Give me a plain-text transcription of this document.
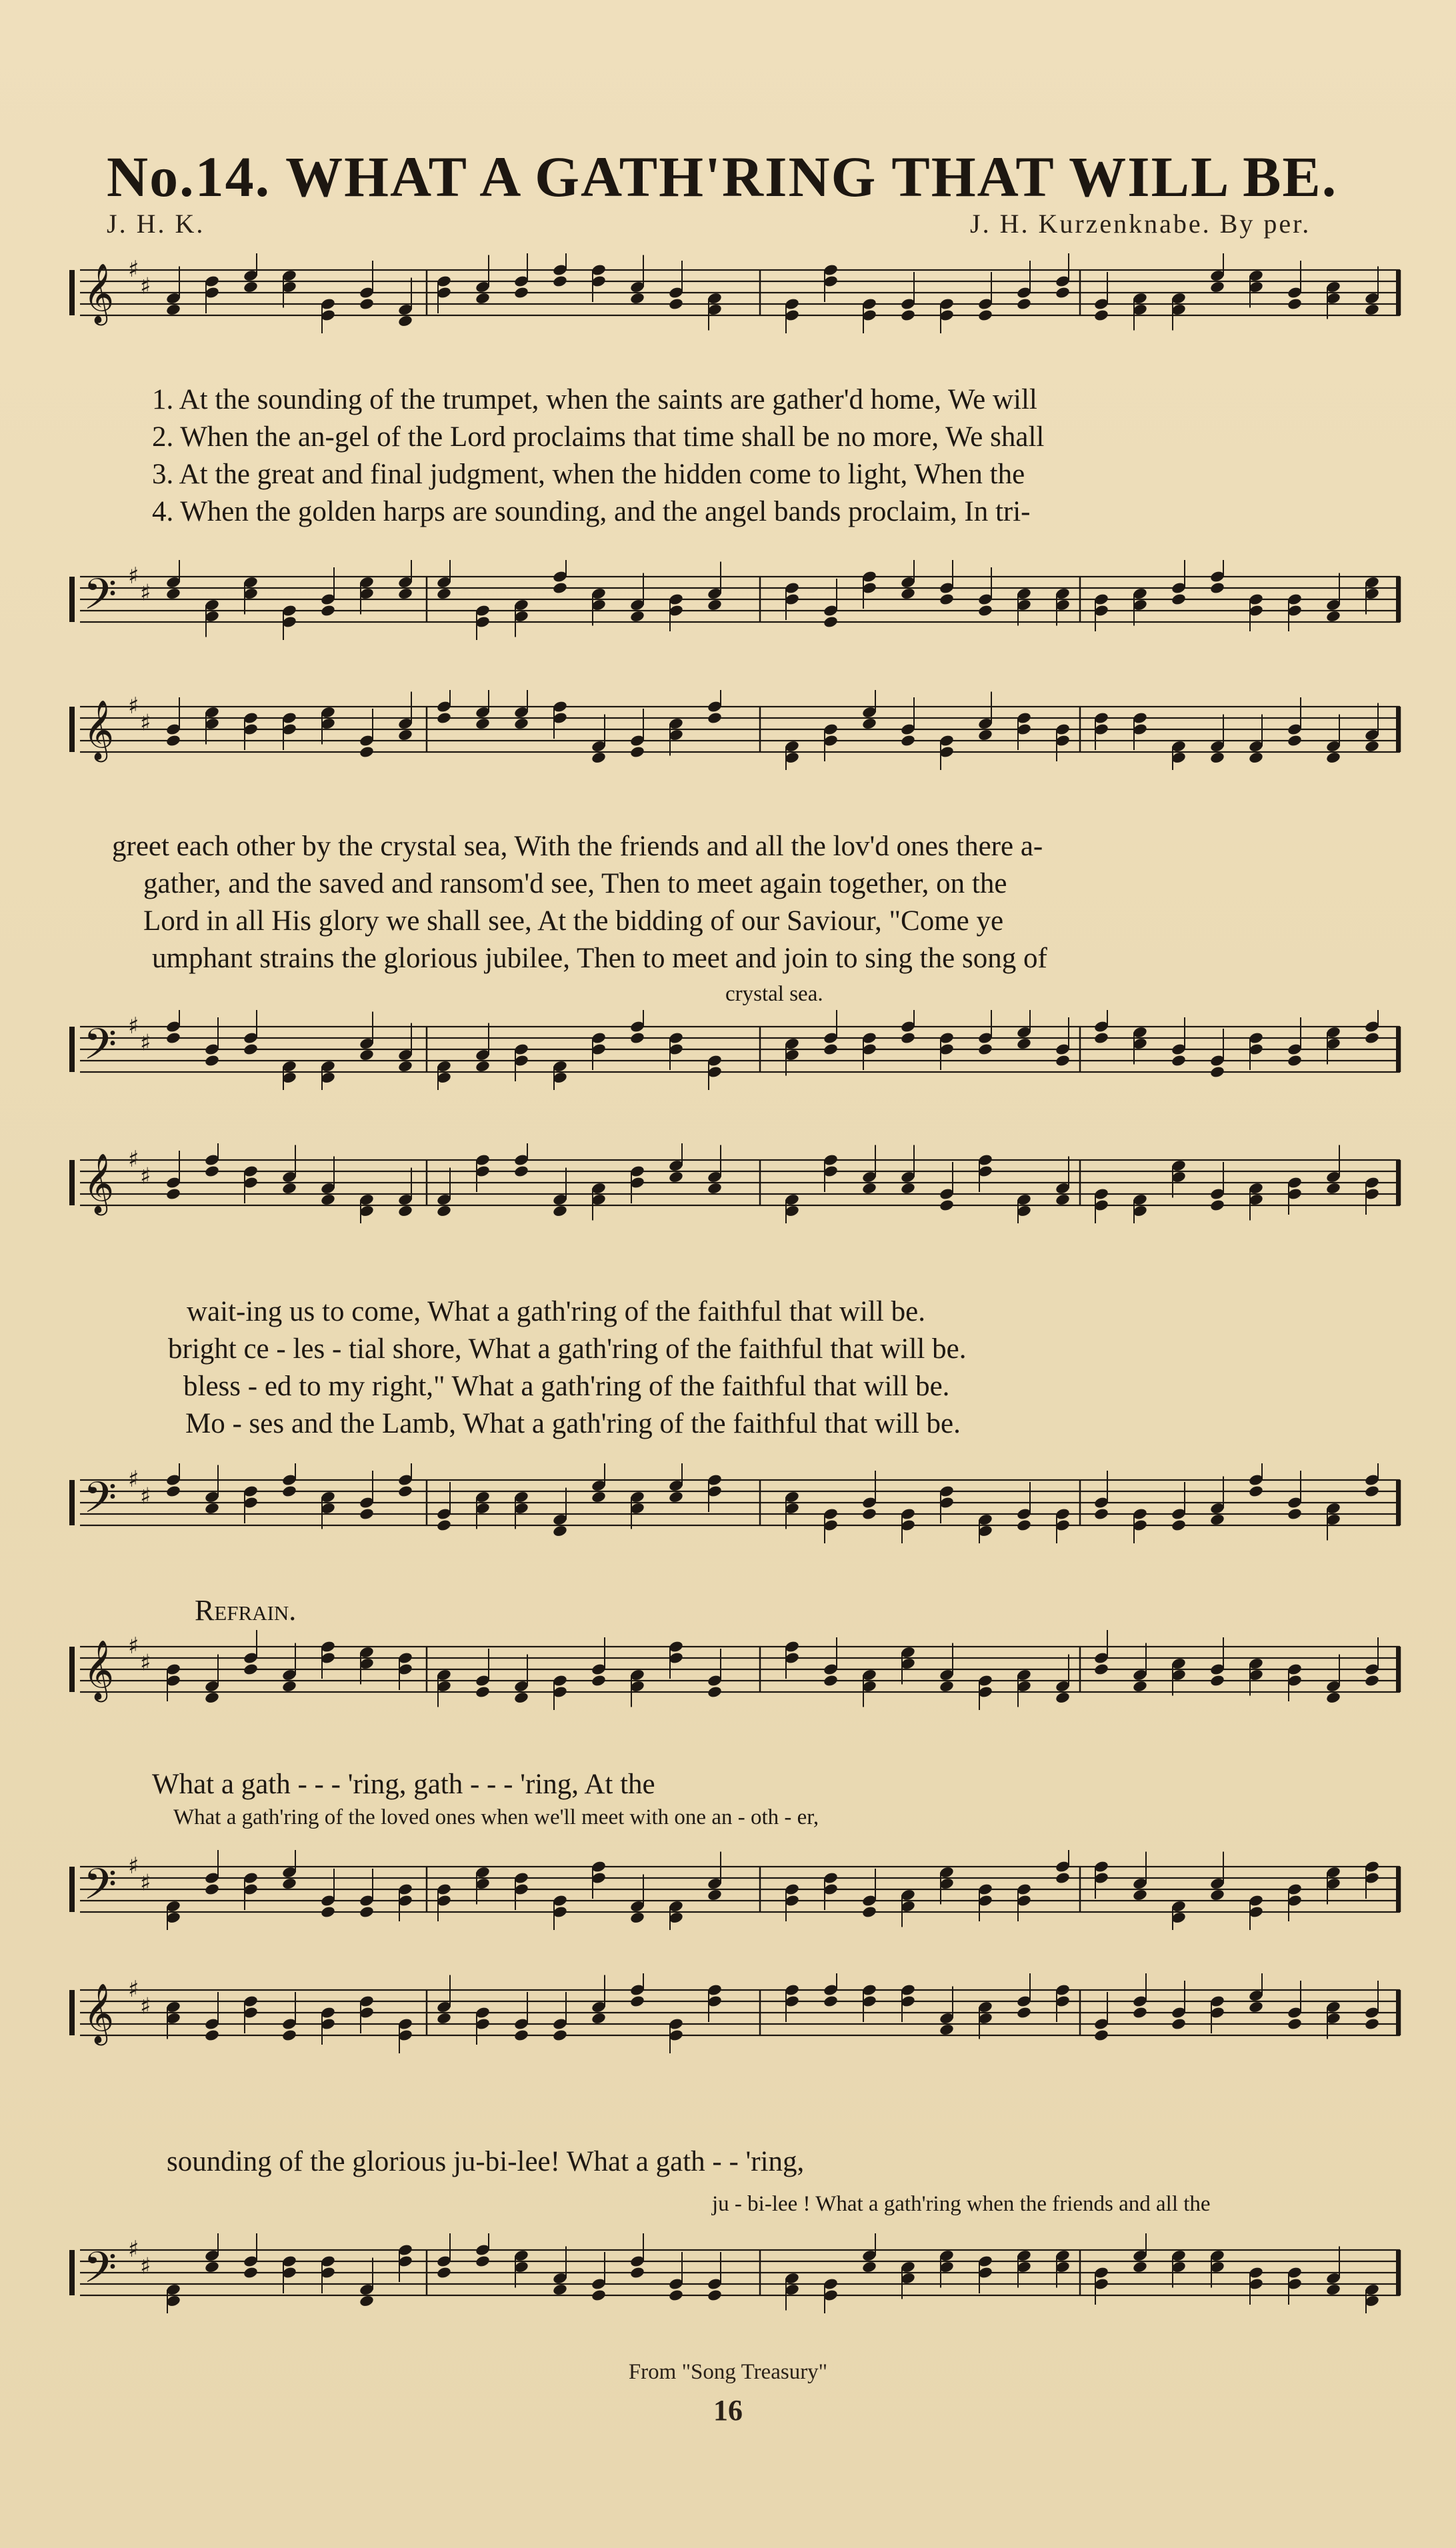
No.14. WHAT A GATH'RING THAT WILL BE.
J. H. K.	J. H. Kurzenknabe. By per.
𝄞 ♯
♯
1. At the sounding of the trumpet, when the saints are gather'd home, We will
2. When the an-gel of the Lord proclaims that time shall be no more, We shall
3. At the great and final judgment, when the hidden come to light, When the
4. When the golden harps are sounding, and the angel bands proclaim, In tri-
𝄢 ♯
♯
𝄞 ♯
♯
greet each other by the crystal sea, With the friends and all the lov'd ones there a-
gather, and the saved and ransom'd see, Then to meet again together, on the
Lord in all His glory we shall see, At the bidding of our Saviour, "Come ye
umphant strains the glorious jubilee, Then to meet and join to sing the song of
crystal sea.
𝄢 ♯
♯
𝄞 ♯
♯
wait-ing us to come, What a gath'ring of the faithful that will be.
bright ce - les - tial shore, What a gath'ring of the faithful that will be.
bless - ed to my right," What a gath'ring of the faithful that will be.
Mo - ses and the Lamb, What a gath'ring of the faithful that will be.
𝄢 ♯
♯
Refrain.
𝄞 ♯
♯
What a gath - - - 'ring, gath - - - 'ring, At the
What a gath'ring of the loved ones when we'll meet with one an - oth - er,
𝄢 ♯
♯
𝄞 ♯
♯
sounding of the glorious ju-bi-lee! What a gath - - 'ring,
ju - bi-lee ! What a gath'ring when the friends and all the
𝄢 ♯
♯
From "Song Treasury"
16
